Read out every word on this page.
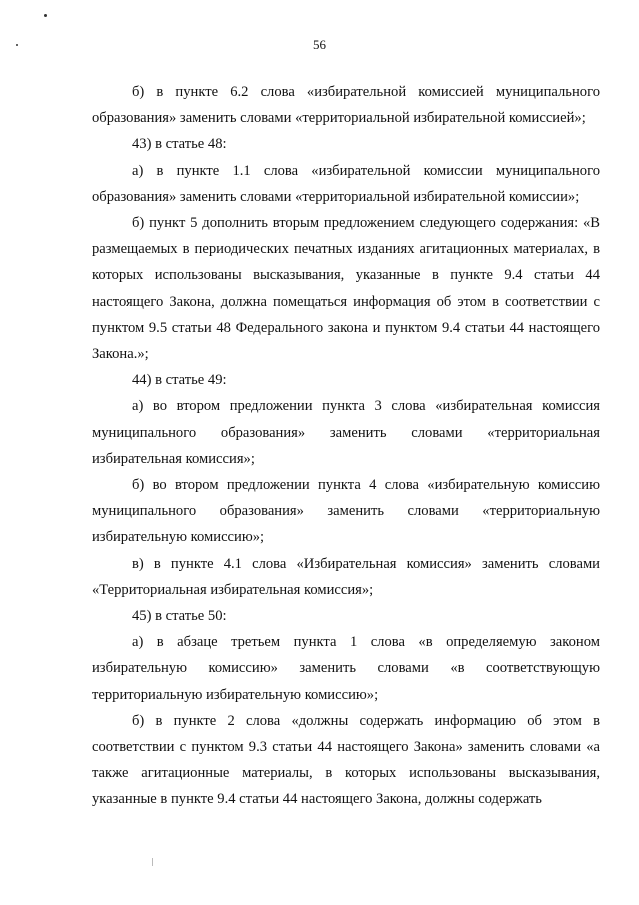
56

б) в пункте 6.2 слова «избирательной комиссией муниципального образования» заменить словами «территориальной избирательной комиссией»;

43) в статье 48:

а) в пункте 1.1 слова «избирательной комиссии муниципального образования» заменить словами «территориальной избирательной комиссии»;

б) пункт 5 дополнить вторым предложением следующего содержания: «В размещаемых в периодических печатных изданиях агитационных материалах, в которых использованы высказывания, указанные в пункте 9.4 статьи 44 настоящего Закона, должна помещаться информация об этом в соответствии с пунктом 9.5 статьи 48 Федерального закона и пунктом 9.4 статьи 44 настоящего Закона.»;

44) в статье 49:

а) во втором предложении пункта 3 слова «избирательная комиссия муниципального образования» заменить словами «территориальная избирательная комиссия»;

б) во втором предложении пункта 4 слова «избирательную комиссию муниципального образования» заменить словами «территориальную избирательную комиссию»;

в) в пункте 4.1 слова «Избирательная комиссия» заменить словами «Территориальная избирательная комиссия»;

45) в статье 50:

а) в абзаце третьем пункта 1 слова «в определяемую законом избирательную комиссию» заменить словами «в соответствующую территориальную избирательную комиссию»;

б) в пункте 2 слова «должны содержать информацию об этом в соответствии с пунктом 9.3 статьи 44 настоящего Закона» заменить словами «а также агитационные материалы, в которых использованы высказывания, указанные в пункте 9.4 статьи 44 настоящего Закона, должны содержать
